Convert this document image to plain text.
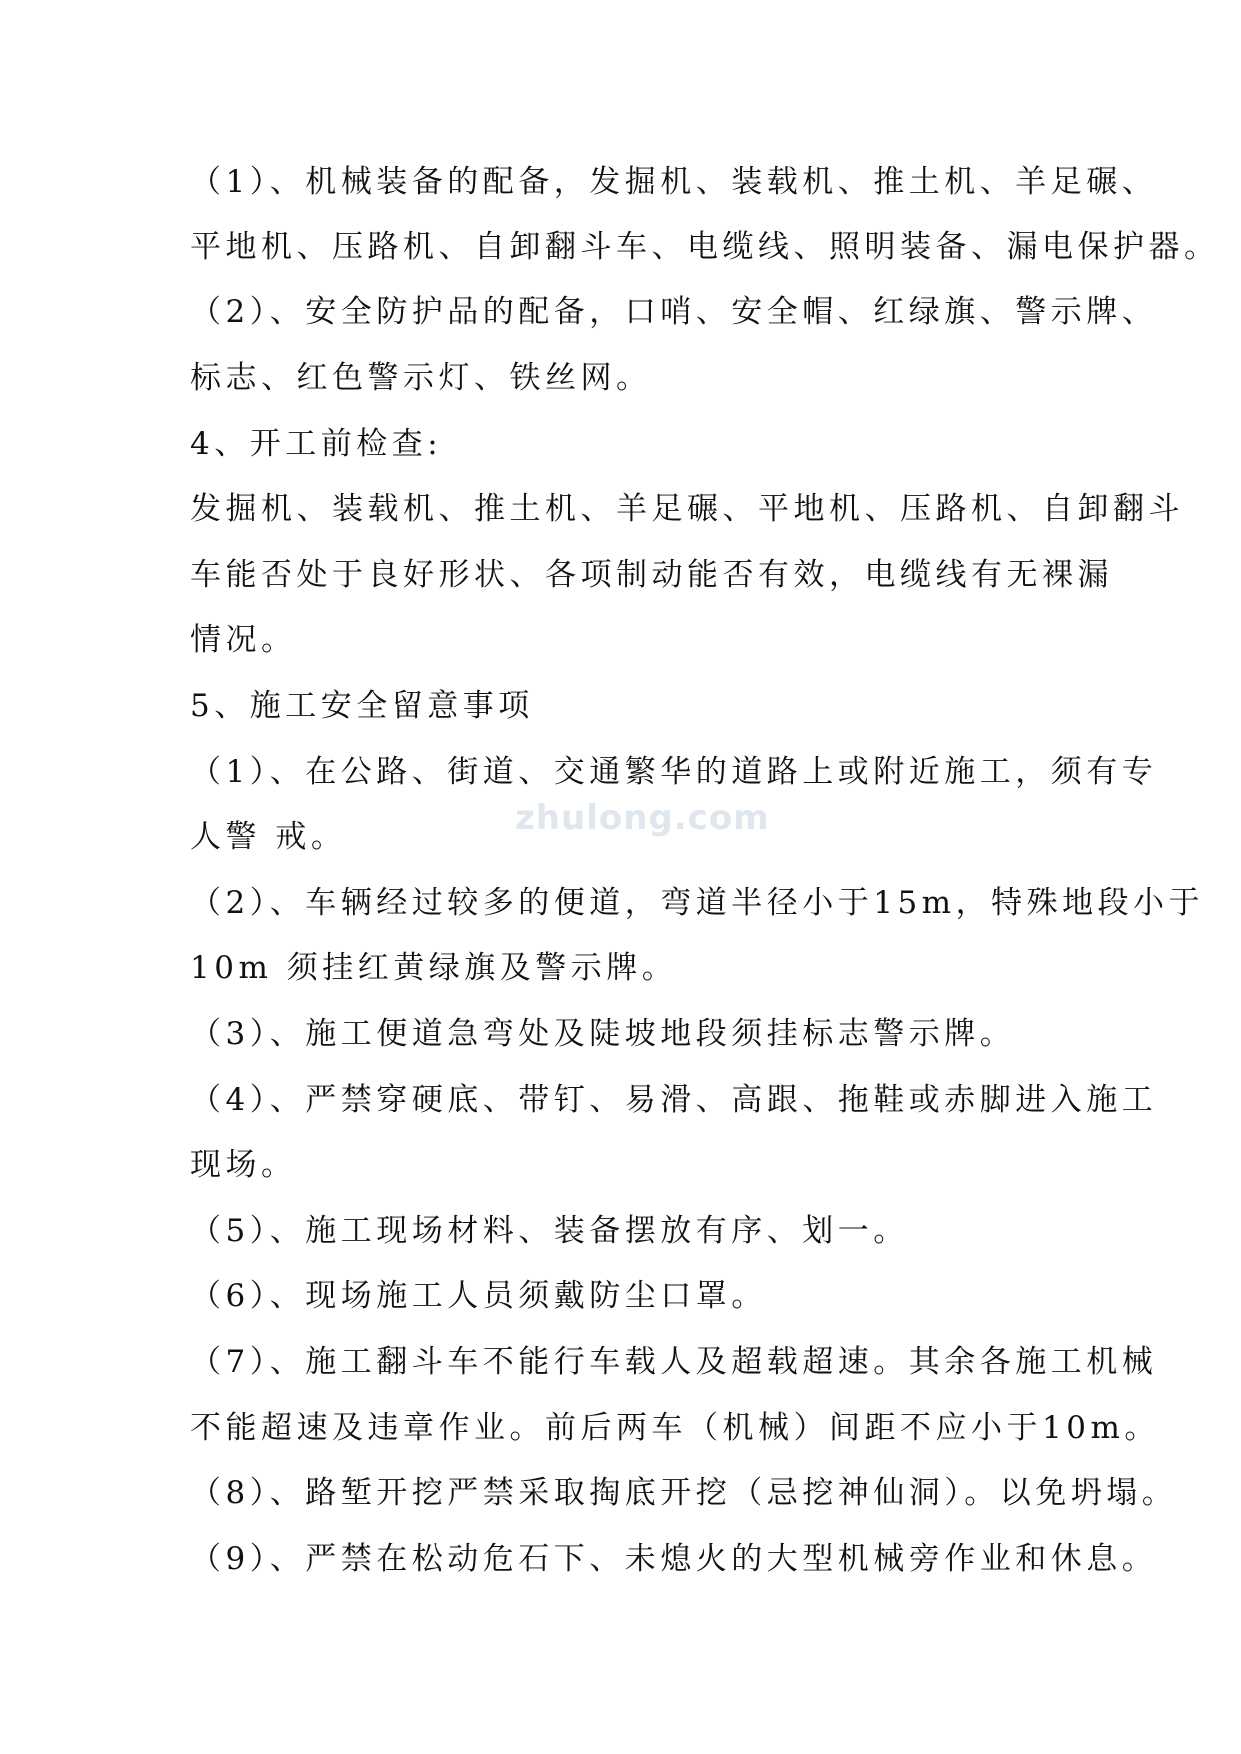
（1）、机械装备的配备，发掘机、装载机、推土机、羊足碾、
平地机、压路机、自卸翻斗车、电缆线、照明装备、漏电保护器。
（2）、安全防护品的配备，口哨、安全帽、红绿旗、警示牌、
标志、红色警示灯、铁丝网。
4、开工前检查:
发掘机、装载机、推土机、羊足碾、平地机、压路机、自卸翻斗
车能否处于良好形状、各项制动能否有效，电缆线有无裸漏
情况。
5、施工安全留意事项
（1）、在公路、街道、交通繁华的道路上或附近施工，须有专
人警 戒。
（2）、车辆经过较多的便道，弯道半径小于15m，特殊地段小于
10m 须挂红黄绿旗及警示牌。
（3）、施工便道急弯处及陡坡地段须挂标志警示牌。
（4）、严禁穿硬底、带钉、易滑、高跟、拖鞋或赤脚进入施工
现场。
（5）、施工现场材料、装备摆放有序、划一。
（6）、现场施工人员须戴防尘口罩。
（7）、施工翻斗车不能行车载人及超载超速。其余各施工机械
不能超速及违章作业。前后两车（机械）间距不应小于10m。
（8）、路堑开挖严禁采取掏底开挖（忌挖神仙洞）。以免坍塌。
（9）、严禁在松动危石下、未熄火的大型机械旁作业和休息。
zhulong.com
